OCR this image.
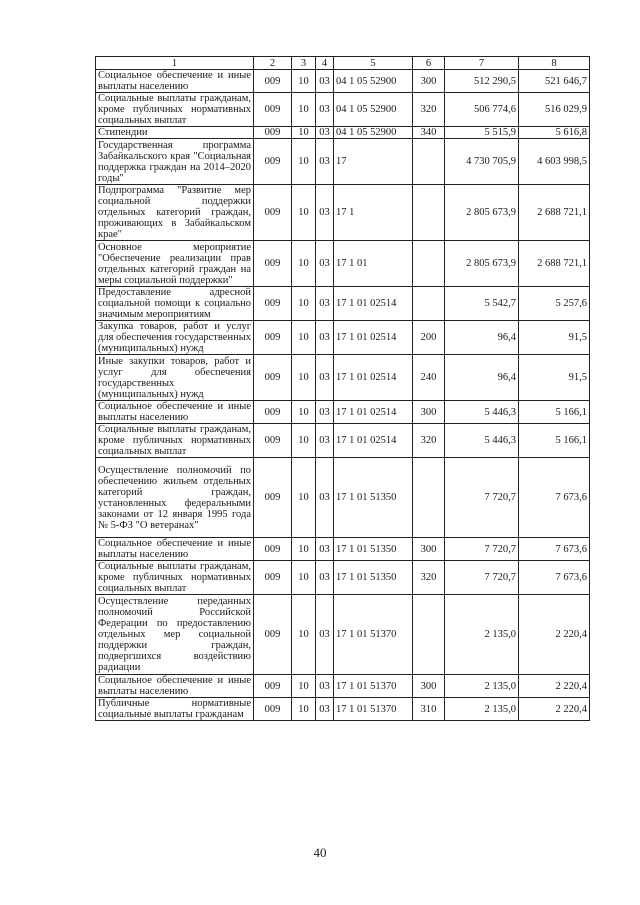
1	2	3	4	5	6	7	8
Социальное обеспечение и иные выплаты населению	009	10	03	04 1 05 52900	300	512 290,5	521 646,7
Социальные выплаты гражданам, кроме публичных нормативных социальных выплат	009	10	03	04 1 05 52900	320	506 774,6	516 029,9
Стипендии	009	10	03	04 1 05 52900	340	5 515,9	5 616,8
Государственная программа Забайкальского края "Социальная поддержка граждан на 2014–2020 годы"	009	10	03	17		4 730 705,9	4 603 998,5
Подпрограмма "Развитие мер социальной поддержки отдельных категорий граждан, проживающих в Забайкальском крае"	009	10	03	17 1		2 805 673,9	2 688 721,1
Основное мероприятие "Обеспечение реализации прав отдельных категорий граждан на меры социальной поддержки"	009	10	03	17 1 01		2 805 673,9	2 688 721,1
Предоставление адресной социальной помощи к социально значимым мероприятиям	009	10	03	17 1 01 02514		5 542,7	5 257,6
Закупка товаров, работ и услуг для обеспечения государственных (муниципальных) нужд	009	10	03	17 1 01 02514	200	96,4	91,5
Иные закупки товаров, работ и услуг для обеспечения государственных (муниципальных) нужд	009	10	03	17 1 01 02514	240	96,4	91,5
Социальное обеспечение и иные выплаты населению	009	10	03	17 1 01 02514	300	5 446,3	5 166,1
Социальные выплаты гражданам, кроме публичных нормативных социальных выплат	009	10	03	17 1 01 02514	320	5 446,3	5 166,1
Осуществление полномочий по обеспечению жильем отдельных категорий граждан, установленных федеральными законами от 12 января 1995 года № 5-ФЗ "О ветеранах"	009	10	03	17 1 01 51350		7 720,7	7 673,6
Социальное обеспечение и иные выплаты населению	009	10	03	17 1 01 51350	300	7 720,7	7 673,6
Социальные выплаты гражданам, кроме публичных нормативных социальных выплат	009	10	03	17 1 01 51350	320	7 720,7	7 673,6
Осуществление переданных полномочий Российской Федерации по предоставлению отдельных мер социальной поддержки граждан, подвергшихся воздействию радиации	009	10	03	17 1 01 51370		2 135,0	2 220,4
Социальное обеспечение и иные выплаты населению	009	10	03	17 1 01 51370	300	2 135,0	2 220,4
Публичные нормативные социальные выплаты гражданам	009	10	03	17 1 01 51370	310	2 135,0	2 220,4
40
